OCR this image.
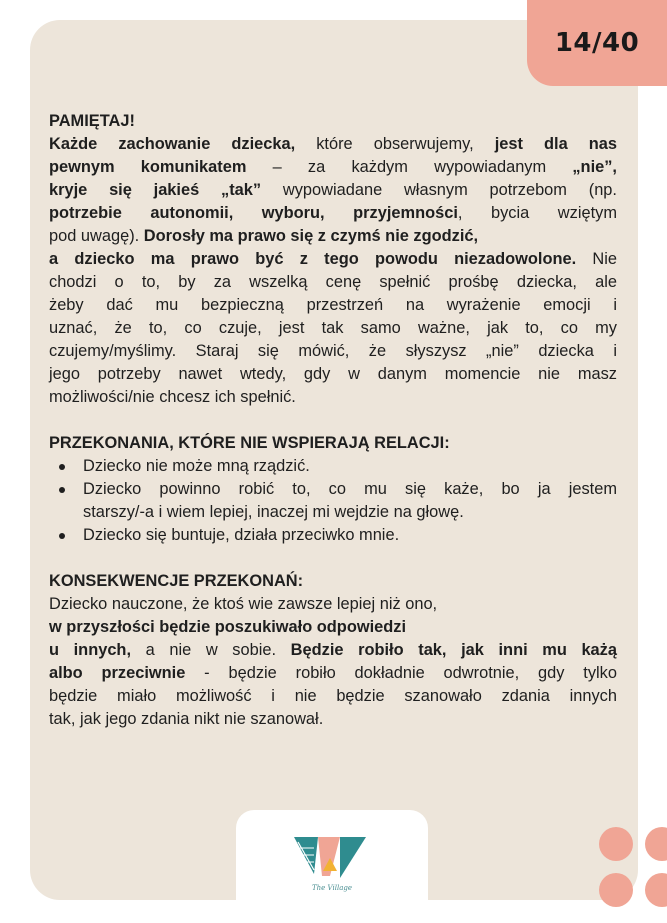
14/40
PAMIĘTAJ!
Każde zachowanie dziecka, które obserwujemy, jest dla nas
pewnym komunikatem – za każdym wypowiadanym „nie”,
kryje się jakieś „tak” wypowiadane własnym potrzebom (np.
potrzebie autonomii, wyboru, przyjemności, bycia wziętym
pod uwagę). Dorosły ma prawo się z czymś nie zgodzić,
a dziecko ma prawo być z tego powodu niezadowolone. Nie
chodzi o to, by za wszelką cenę spełnić prośbę dziecka, ale
żeby dać mu bezpieczną przestrzeń na wyrażenie emocji i
uznać, że to, co czuje, jest tak samo ważne, jak to, co my
czujemy/myślimy. Staraj się mówić, że słyszysz „nie” dziecka i
jego potrzeby nawet wtedy, gdy w danym momencie nie masz
możliwości/nie chcesz ich spełnić.
PRZEKONANIA, KTÓRE NIE WSPIERAJĄ RELACJI:
Dziecko nie może mną rządzić.
Dziecko powinno robić to, co mu się każe, bo ja jestem
starszy/-a i wiem lepiej, inaczej mi wejdzie na głowę.
Dziecko się buntuje, działa przeciwko mnie.
KONSEKWENCJE PRZEKONAŃ:
Dziecko nauczone, że ktoś wie zawsze lepiej niż ono,
w przyszłości będzie poszukiwało odpowiedzi
u innych, a nie w sobie. Będzie robiło tak, jak inni mu każą
albo przeciwnie - będzie robiło dokładnie odwrotnie, gdy tylko
będzie miało możliwość i nie będzie szanowało zdania innych
tak, jak jego zdania nikt nie szanował.
The Village
